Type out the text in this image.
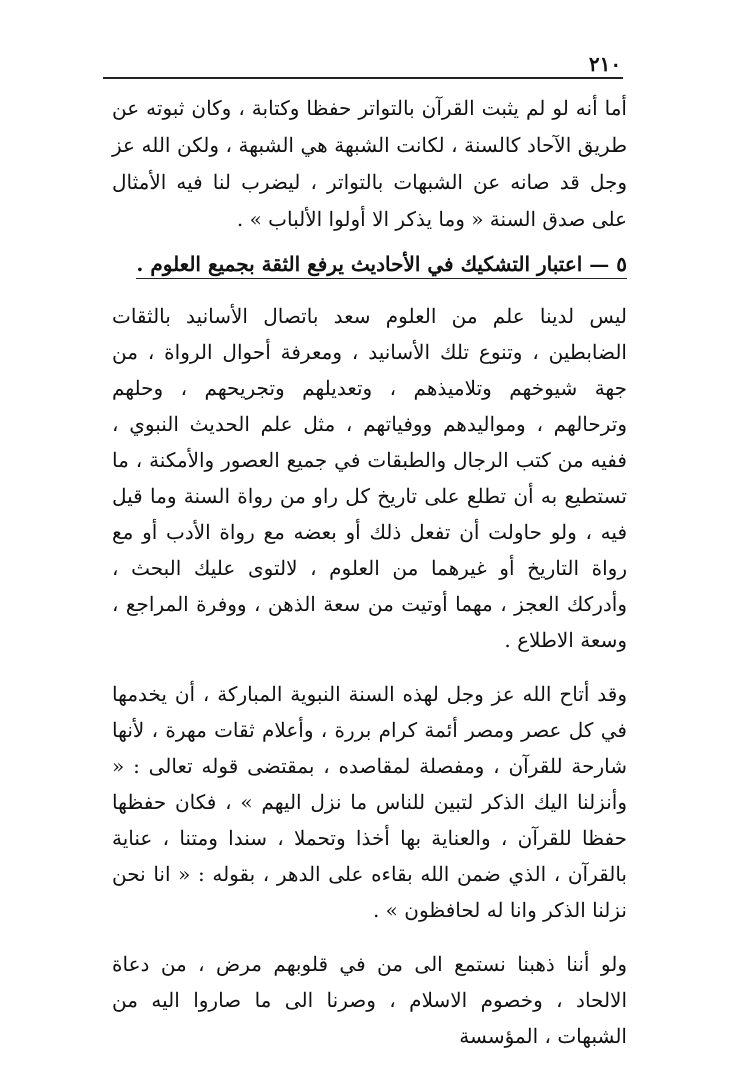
٢١٠

أما أنه لو لم يثبت القرآن بالتواتر حفظا وكتابة ، وكان ثبوته عن طريق الآحاد كالسنة ، لكانت الشبهة هي الشبهة ، ولكن الله عز وجل قد صانه عن الشبهات بالتواتر ، ليضرب لنا فيه الأمثال على صدق السنة « وما يذكر الا أولوا الألباب » .

٥ — اعتبار التشكيك في الأحاديث يرفع الثقة بجميع العلوم .

ليس لدينا علم من العلوم سعد باتصال الأسانيد بالثقات الضابطين ، وتنوع تلك الأسانيد ، ومعرفة أحوال الرواة ، من جهة شيوخهم وتلاميذهم ، وتعديلهم وتجريحهم ، وحلهم وترحالهم ، ومواليدهم ووفياتهم ، مثل علم الحديث النبوي ، ففيه من كتب الرجال والطبقات في جميع العصور والأمكنة ، ما تستطيع به أن تطلع على تاريخ كل راو من رواة السنة وما قيل فيه ، ولو حاولت أن تفعل ذلك أو بعضه مع رواة الأدب أو مع رواة التاريخ أو غيرهما من العلوم ، لالتوى عليك البحث ، وأدركك العجز ، مهما أوتيت من سعة الذهن ، ووفرة المراجع ، وسعة الاطلاع .

وقد أتاح الله عز وجل لهذه السنة النبوية المباركة ، أن يخدمها في كل عصر ومصر أئمة كرام بررة ، وأعلام ثقات مهرة ، لأنها شارحة للقرآن ، ومفصلة لمقاصده ، بمقتضى قوله تعالى : « وأنزلنا اليك الذكر لتبين للناس ما نزل اليهم » ، فكان حفظها حفظا للقرآن ، والعناية بها أخذا وتحملا ، سندا ومتنا ، عناية بالقرآن ، الذي ضمن الله بقاءه على الدهر ، بقوله : « انا نحن نزلنا الذكر وانا له لحافظون » .

ولو أننا ذهبنا نستمع الى من في قلوبهم مرض ، من دعاة الالحاد ، وخصوم الاسلام ، وصرنا الى ما صاروا اليه من الشبهات ، المؤسسة
